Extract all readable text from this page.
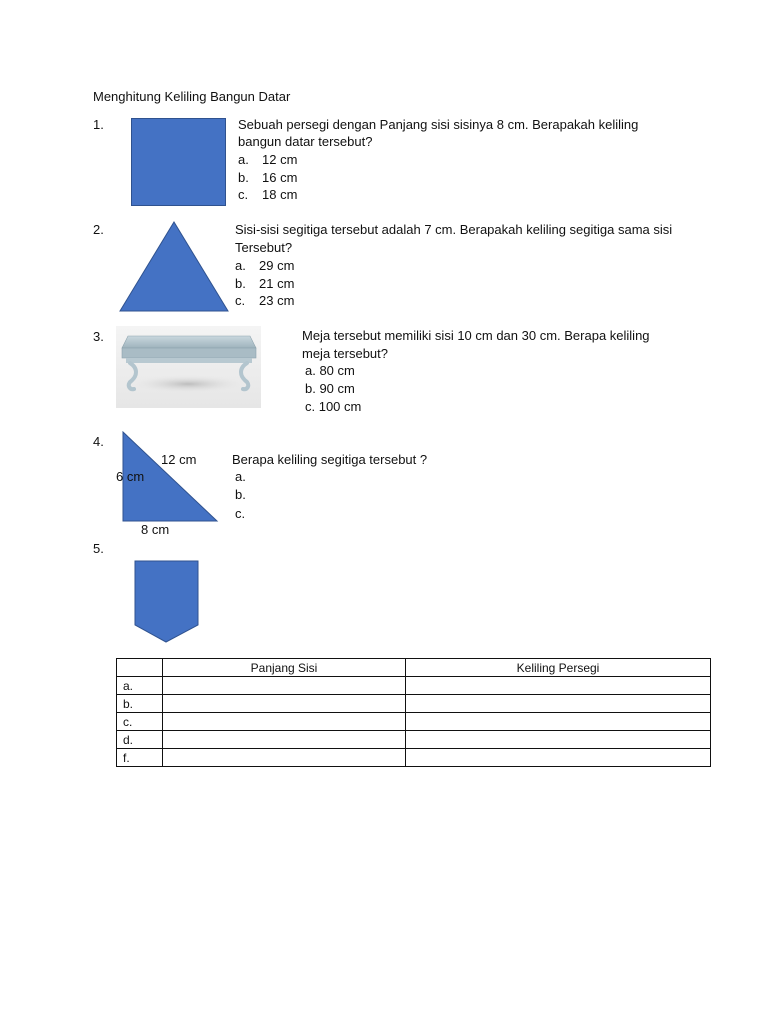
Menghitung Keliling Bangun Datar
1.	Sebuah persegi dengan Panjang sisi sisinya 8 cm. Berapakah keliling
bangun datar tersebut?
a. 12 cm
b. 16 cm
c. 18 cm
2.	Sisi-sisi segitiga tersebut adalah 7 cm. Berapakah keliling segitiga sama sisi
Tersebut?
a. 29 cm
b. 21 cm
c. 23 cm
3.	Meja tersebut memiliki sisi 10 cm dan 30 cm. Berapa keliling
meja tersebut?
a. 80 cm
b. 90 cm
c. 100 cm
4.
12 cm
6 cm
8 cm
Berapa keliling segitiga tersebut ?
a.
b.
c.
5.
	Panjang Sisi	Keliling Persegi
a.		
b.		
c.		
d.		
f.		
